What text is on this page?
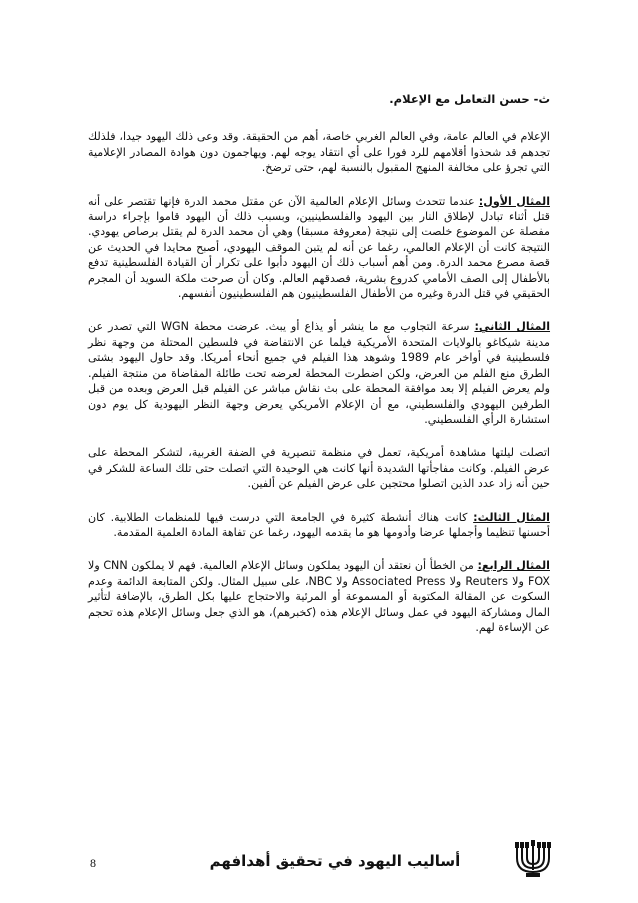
ث- حسن التعامل مع الإعلام.

الإعلام في العالم عامة، وفي العالم الغربي خاصة، أهم من الحقيقة. وقد وعى ذلك اليهود جيدا، فلذلك تجدهم قد شحذوا أقلامهم للرد فورا على أي انتقاد يوجه لهم. ويهاجمون دون هوادة المصادر الإعلامية التي تجرؤ على مخالفة المنهج المقبول بالنسبة لهم، حتى ترضخ.

المثال الأول: عندما تتحدث وسائل الإعلام العالمية الآن عن مقتل محمد الدرة فإنها تقتصر على أنه قتل أثناء تبادل لإطلاق النار بين اليهود والفلسطينيين، وبسبب ذلك أن اليهود قاموا بإجراء دراسة مفصلة عن الموضوع خلصت إلى نتيجة (معروفة مسبقا) وهي أن محمد الدرة لم يقتل برصاص يهودي. النتيجة كانت أن الإعلام العالمي، رغما عن أنه لم يتبن الموقف اليهودي، أصبح محايدا في الحديث عن قصة مصرع محمد الدرة. ومن أهم أسباب ذلك أن اليهود دأبوا على تكرار أن القيادة الفلسطينية تدفع بالأطفال إلى الصف الأمامي كدروع بشرية، فصدقهم العالم. وكان أن صرحت ملكة السويد أن المجرم الحقيقي في قتل الدرة وغيره من الأطفال الفلسطينيون هم الفلسطينيون أنفسهم.

المثال الثاني: سرعة التجاوب مع ما ينشر أو يذاع أو يبث. عرضت محطة WGN التي تصدر عن مدينة شيكاغو بالولايات المتحدة الأمريكية فيلما عن الانتفاضة في فلسطين المحتلة من وجهة نظر فلسطينية في أواخر عام 1989 وشوهد هذا الفيلم في جميع أنحاء أمريكا. وقد حاول اليهود بشتى الطرق منع الفلم من العرض، ولكن اضطرت المحطة لعرضه تحت طائلة المقاضاة من منتجة الفيلم. ولم يعرض الفيلم إلا بعد موافقة المحطة على بث نقاش مباشر عن الفيلم قبل العرض وبعده من قبل الطرفين اليهودي والفلسطيني، مع أن الإعلام الأمريكي يعرض وجهة النظر اليهودية كل يوم دون استشارة الرأي الفلسطيني.

اتصلت ليلتها مشاهدة أمريكية، تعمل في منظمة تنصيرية في الضفة الغربية، لتشكر المحطة على عرض الفيلم. وكانت مفاجأتها الشديدة أنها كانت هي الوحيدة التي اتصلت حتى تلك الساعة للشكر في حين أنه زاد عدد الذين اتصلوا محتجين على عرض الفيلم عن ألفين.

المثال الثالث: كانت هناك أنشطة كثيرة في الجامعة التي درست فيها للمنظمات الطلابية. كان أحسنها تنظيما وأجملها عرضا وأدومها هو ما يقدمه اليهود، رغما عن تفاهة المادة العلمية المقدمة.

المثال الرابع: من الخطأ أن نعتقد أن اليهود يملكون وسائل الإعلام العالمية. فهم لا يملكون CNN ولا FOX ولا Reuters ولا Associated Press ولا NBC، على سبيل المثال. ولكن المتابعة الدائمة وعدم السكوت عن المقالة المكتوبة أو المسموعة أو المرئية والاحتجاج عليها بكل الطرق، بالإضافة لتأثير المال ومشاركة اليهود في عمل وسائل الإعلام هذه (كخبرهم)، هو الذي جعل وسائل الإعلام هذه تحجم عن الإساءة لهم.

8	أساليب اليهود في تحقيق أهدافهم
